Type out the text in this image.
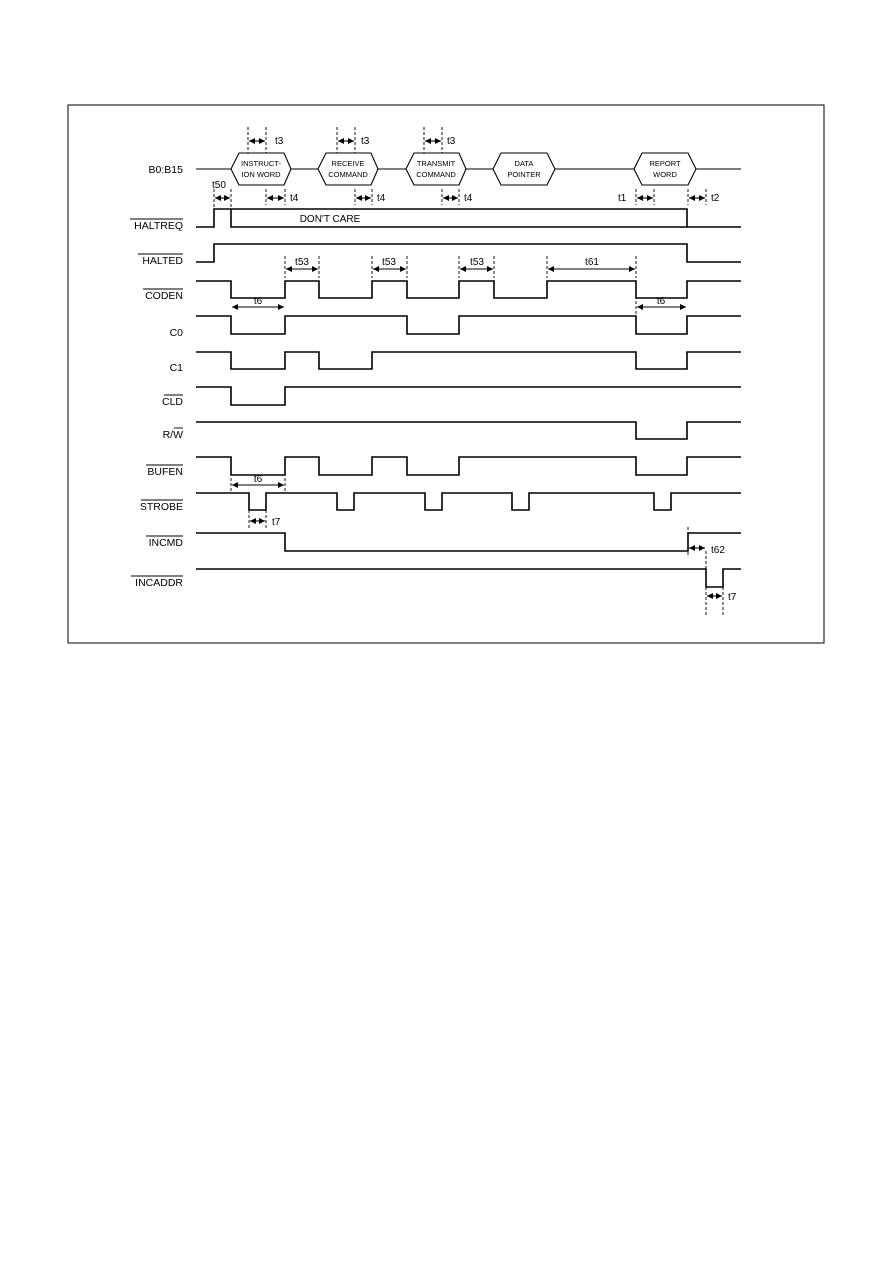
B0:B15
HALTREQ
HALTED
CODEN
C0
C1
CLD
R/W
BUFEN
STROBE
INCMD
INCADDR
INSTRUCT-
ION WORD
RECEIVE
COMMAND
TRANSMIT
COMMAND
DATA
POINTER
REPORT
WORD
DON'T CARE
t3	t3	t3
t50
t4	t4	t4	t1	t2
t53	t53	t53	t61
t6	t6
t6
t7
t62
t7
